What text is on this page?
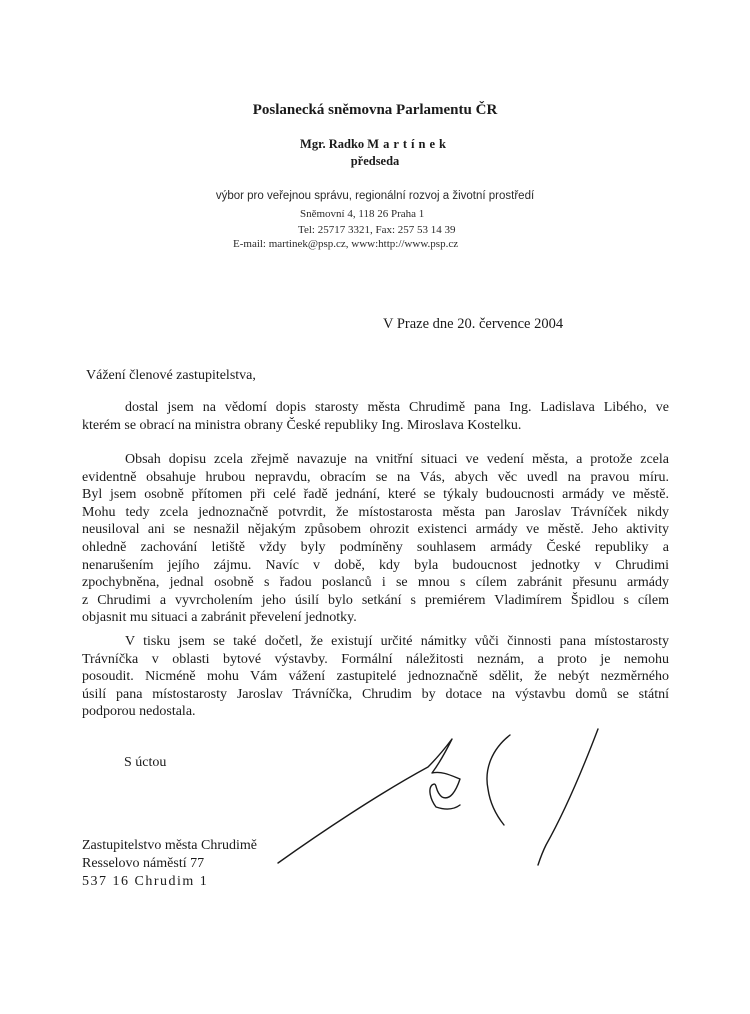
Poslanecká sněmovna Parlamentu ČR
Mgr. Radko Martínek
předseda
výbor pro veřejnou správu, regionální rozvoj a životní prostředí
Sněmovní 4, 118 26 Praha 1
Tel: 25717 3321, Fax: 257 53 14 39
E-mail: martinek@psp.cz, www:http://www.psp.cz
V Praze dne 20. července 2004
Vážení členové zastupitelstva,
dostal jsem na vědomí dopis starosty města Chrudimě pana Ing. Ladislava Libého, ve
kterém se obrací na ministra obrany České republiky Ing. Miroslava Kostelku.
Obsah dopisu zcela zřejmě navazuje na vnitřní situaci ve vedení města, a protože zcela
evidentně obsahuje hrubou nepravdu, obracím se na Vás, abych věc uvedl na pravou míru.
Byl jsem osobně přítomen při celé řadě jednání, které se týkaly budoucnosti armády ve městě.
Mohu tedy zcela jednoznačně potvrdit, že místostarosta města pan Jaroslav Trávníček nikdy
neusiloval ani se nesnažil nějakým způsobem ohrozit existenci armády ve městě. Jeho aktivity
ohledně zachování letiště vždy byly podmíněny souhlasem armády České republiky a
nenarušením jejího zájmu. Navíc v době, kdy byla budoucnost jednotky v Chrudimi
zpochybněna, jednal osobně s řadou poslanců i se mnou s cílem zabránit přesunu armády
z Chrudimi a vyvrcholením jeho úsilí bylo setkání s premiérem Vladimírem Špidlou s cílem
objasnit mu situaci a zabránit převelení jednotky.
V tisku jsem se také dočetl, že existují určité námitky vůči činnosti pana místostarosty
Trávníčka v oblasti bytové výstavby. Formální náležitosti neznám, a proto je nemohu
posoudit. Nicméně mohu Vám vážení zastupitelé jednoznačně sdělit, že nebýt nezměrného
úsilí pana místostarosty Jaroslav Trávníčka, Chrudim by dotace na výstavbu domů se státní
podporou nedostala.
S úctou
Zastupitelstvo města Chrudimě
Resselovo náměstí 77
537 16 Chrudim 1
